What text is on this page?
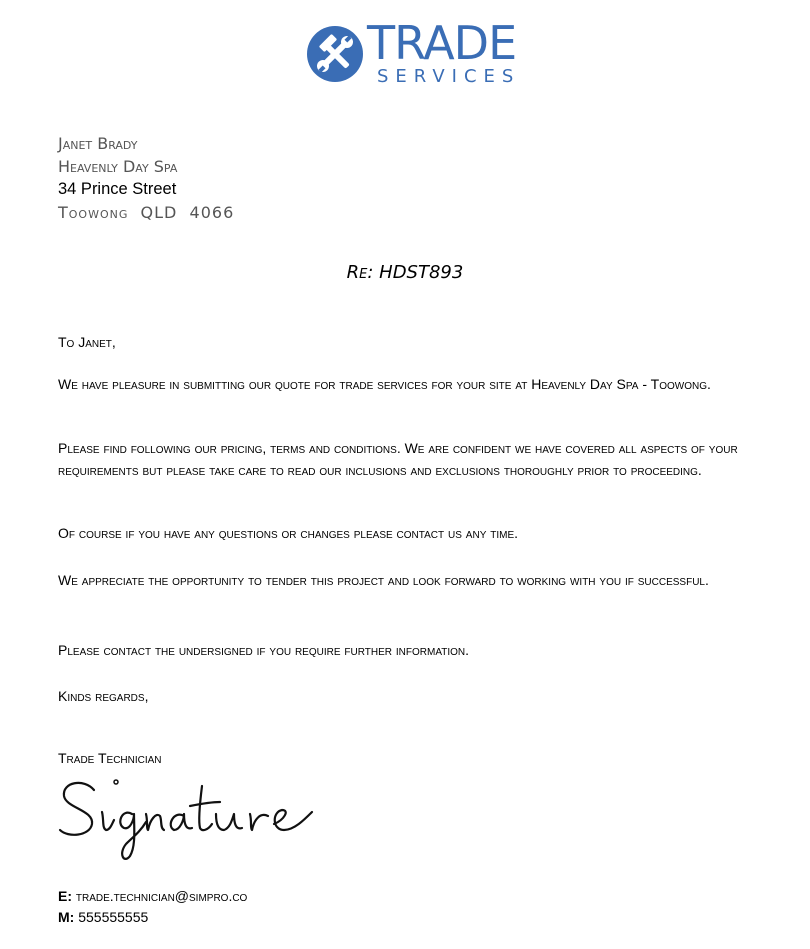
TRADE
SERVICES
Janet Brady
Heavenly Day Spa
34 Prince Street
Toowong  QLD  4066
Re: HDST893

To Janet,

We have pleasure in submitting our quote for trade services for your site at Heavenly Day Spa - Toowong.

Please find following our pricing, terms and conditions. We are confident we have covered all aspects of your requirements but please take care to read our inclusions and exclusions thoroughly prior to proceeding.

Of course if you have any questions or changes please contact us any time.

We appreciate the opportunity to tender this project and look forward to working with you if successful.

Please contact the undersigned if you require further information.

Kinds regards,

Trade Technician
E: trade.technician@simpro.co
M: 555555555
